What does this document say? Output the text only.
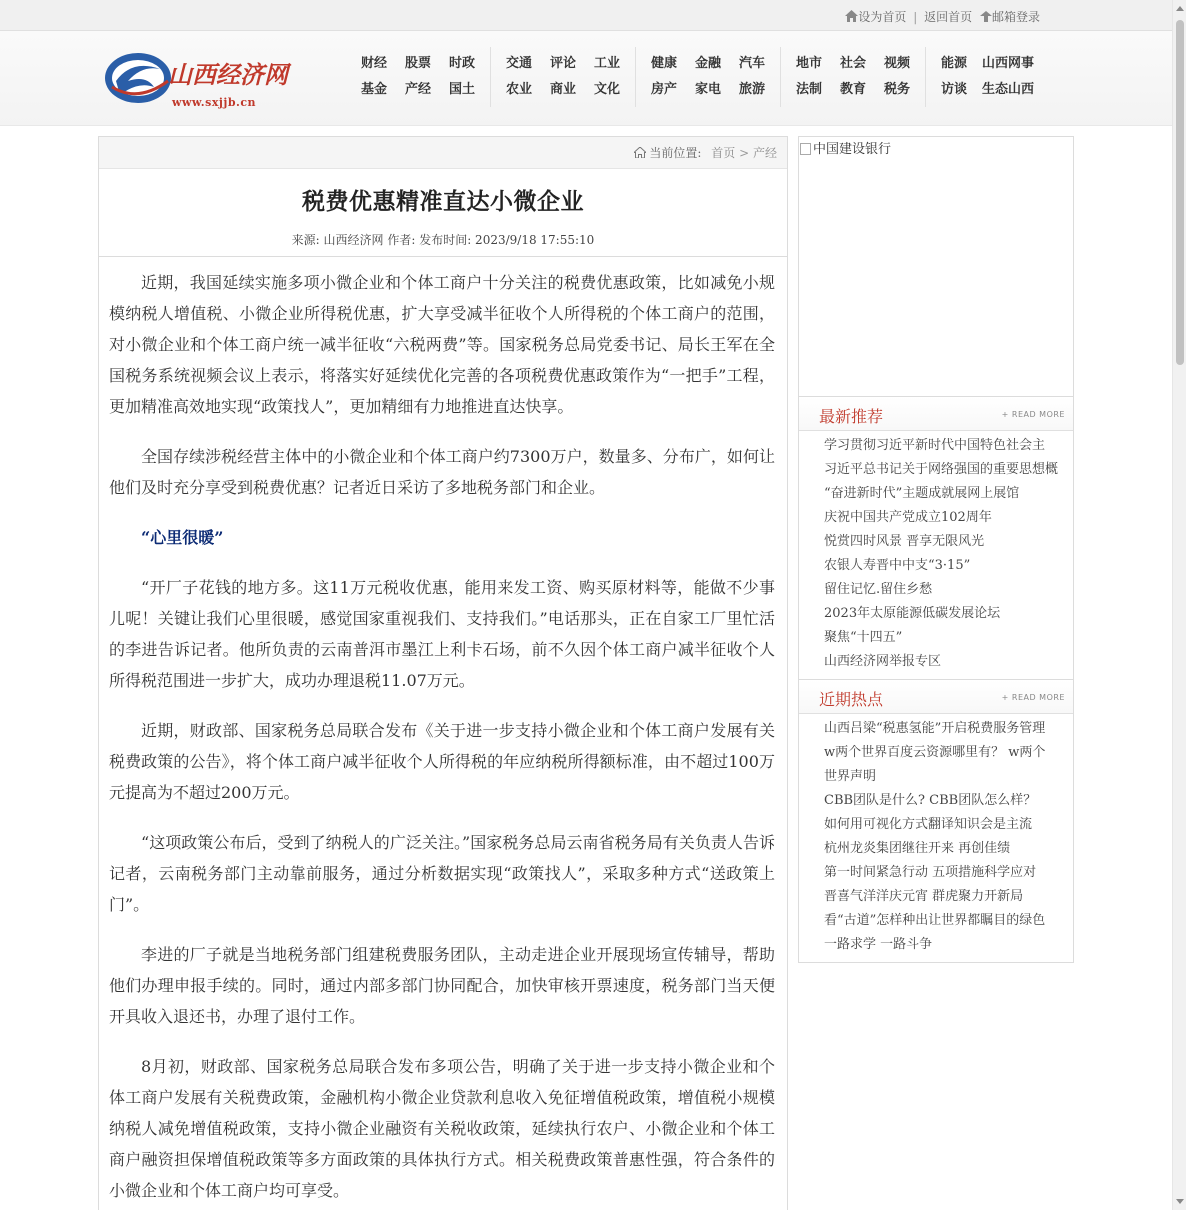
设为首页 | 返回首页 邮箱登录
山西经济网
www.sxjjb.cn
财经	股票	时政
基金	产经	国土
交通	评论	工业
农业	商业	文化
健康	金融	汽车
房产	家电	旅游
地市	社会	视频
法制	教育	税务
能源	山西网事
访谈	生态山西
当前位置: 首页 > 产经
税费优惠精准直达小微企业
来源: 山西经济网 作者: 发布时间: 2023/9/18 17:55:10

近期，我国延续实施多项小微企业和个体工商户十分关注的税费优惠政策，比如减免小规模纳税人增值税、小微企业所得税优惠，扩大享受减半征收个人所得税的个体工商户的范围，对小微企业和个体工商户统一减半征收“六税两费”等。国家税务总局党委书记、局长王军在全国税务系统视频会议上表示，将落实好延续优化完善的各项税费优惠政策作为“一把手”工程，更加精准高效地实现“政策找人”，更加精细有力地推进直达快享。

全国存续涉税经营主体中的小微企业和个体工商户约7300万户，数量多、分布广，如何让他们及时充分享受到税费优惠？记者近日采访了多地税务部门和企业。

“心里很暖”

“开厂子花钱的地方多。这11万元税收优惠，能用来发工资、购买原材料等，能做不少事儿呢！关键让我们心里很暖，感觉国家重视我们、支持我们。”电话那头，正在自家工厂里忙活的李进告诉记者。他所负责的云南普洱市墨江上利卡石场，前不久因个体工商户减半征收个人所得税范围进一步扩大，成功办理退税11.07万元。

近期，财政部、国家税务总局联合发布《关于进一步支持小微企业和个体工商户发展有关税费政策的公告》，将个体工商户减半征收个人所得税的年应纳税所得额标准，由不超过100万元提高为不超过200万元。

“这项政策公布后，受到了纳税人的广泛关注。”国家税务总局云南省税务局有关负责人告诉记者，云南税务部门主动靠前服务，通过分析数据实现“政策找人”，采取多种方式“送政策上门”。

李进的厂子就是当地税务部门组建税费服务团队，主动走进企业开展现场宣传辅导，帮助他们办理申报手续的。同时，通过内部多部门协同配合，加快审核开票速度，税务部门当天便开具收入退还书，办理了退付工作。

8月初，财政部、国家税务总局联合发布多项公告，明确了关于进一步支持小微企业和个体工商户发展有关税费政策，金融机构小微企业贷款利息收入免征增值税政策，增值税小规模纳税人减免增值税政策，支持小微企业融资有关税收政策，延续执行农户、小微企业和个体工商户融资担保增值税政策等多方面政策的具体执行方式。相关税费政策普惠性强，符合条件的小微企业和个体工商户均可享受。

中国建设银行
最新推荐	+ READ MORE
学习贯彻习近平新时代中国特色社会主
习近平总书记关于网络强国的重要思想概
“奋进新时代”主题成就展网上展馆
庆祝中国共产党成立102周年
悦赏四时风景 晋享无限风光
农银人寿晋中中支“3·15”
留住记忆.留住乡愁
2023年太原能源低碳发展论坛
聚焦“十四五”
山西经济网举报专区
近期热点	+ READ MORE
山西吕梁“税惠氢能”开启税费服务管理
w两个世界百度云资源哪里有？ w两个世界声明
CBB团队是什么? CBB团队怎么样？如何用可视化方式翻译知识会是主流
杭州龙炎集团继往开来 再创佳绩
第一时间紧急行动 五项措施科学应对 晋喜气洋洋庆元宵 群虎聚力开新局
看“古道”怎样种出让世界都瞩目的绿色一路求学 一路斗争
